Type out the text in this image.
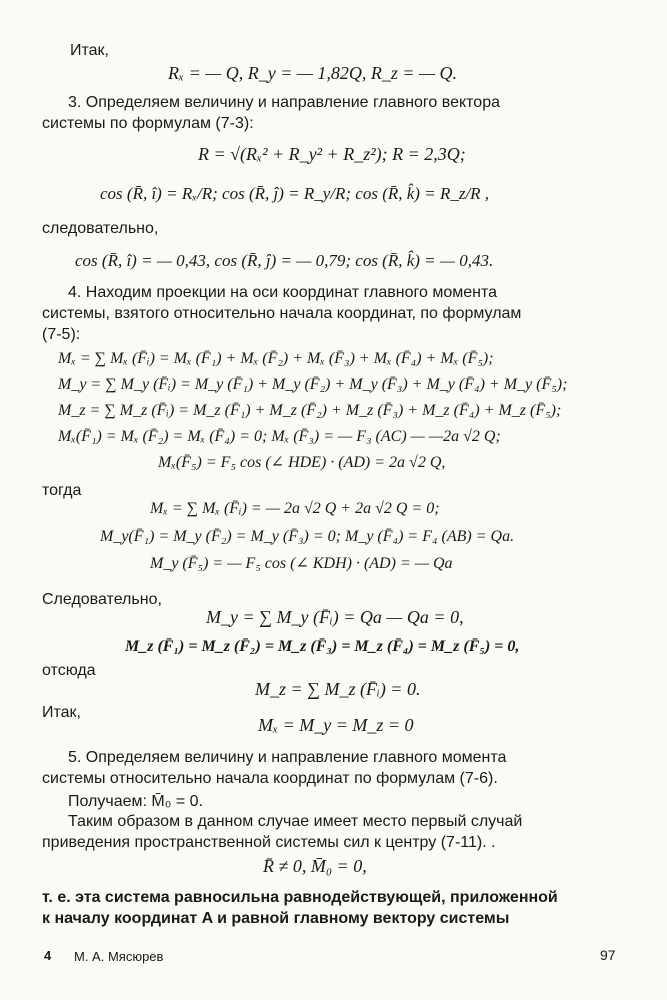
Итак,
Rₓ = — Q, R_y = — 1,82Q, R_z = — Q.
3. Определяем величину и направление главного вектора
системы по формулам (7-3):
R = √(Rₓ² + R_y² + R_z²); R = 2,3Q;
cos (R̄, î) = Rₓ/R; cos (R̄, ĵ) = R_y/R; cos (R̄, k̂) = R_z/R ,
следовательно,
cos (R̄, î) = — 0,43, cos (R̄, ĵ) = — 0,79; cos (R̄, k̂) = — 0,43.
4. Находим проекции на оси координат главного момента
системы, взятого относительно начала координат, по формулам
(7-5):
Mₓ = ∑ Mₓ (F̄ᵢ) = Mₓ (F̄₁) + Mₓ (F̄₂) + Mₓ (F̄₃) + Mₓ (F̄₄) + Mₓ (F̄₅);
M_y = ∑ M_y (F̄ᵢ) = M_y (F̄₁) + M_y (F̄₂) + M_y (F̄₃) + M_y (F̄₄) + M_y (F̄₅);
M_z = ∑ M_z (F̄ᵢ) = M_z (F̄₁) + M_z (F̄₂) + M_z (F̄₃) + M_z (F̄₄) + M_z (F̄₅);
Mₓ(F̄₁) = Mₓ (F̄₂) = Mₓ (F̄₄) = 0; Mₓ (F̄₃) = — F₃ (AC) — —2a √2 Q;
Mₓ(F̄₅) = F₅ cos (∠ HDE) · (AD) = 2a √2 Q,
тогда
Mₓ = ∑ Mₓ (F̄ᵢ) = — 2a √2 Q + 2a √2 Q = 0;
M_y(F̄₁) = M_y (F̄₂) = M_y (F̄₃) = 0; M_y (F̄₄) = F₄ (AB) = Qa.
M_y (F̄₅) = — F₅ cos (∠ KDH) · (AD) = — Qa
Следовательно,
M_y = ∑ M_y (F̄ᵢ) = Qa — Qa = 0,
M_z (F̄₁) = M_z (F̄₂) = M_z (F̄₃) = M_z (F̄₄) = M_z (F̄₅) = 0,
отсюда
M_z = ∑ M_z (F̄ᵢ) = 0.
Итак,
Mₓ = M_y = M_z = 0
5. Определяем величину и направление главного момента
системы относительно начала координат по формулам (7-6).
Получаем: M̄₀ = 0.
Таким образом в данном случае имеет место первый случай
приведения пространственной системы сил к центру (7-11). .
R̄ ≠ 0, M̄₀ = 0,
т. е. эта система равносильна равнодействующей, приложенной
к началу координат A и равной главному вектору системы
4 М. А. Мясюрев	97
